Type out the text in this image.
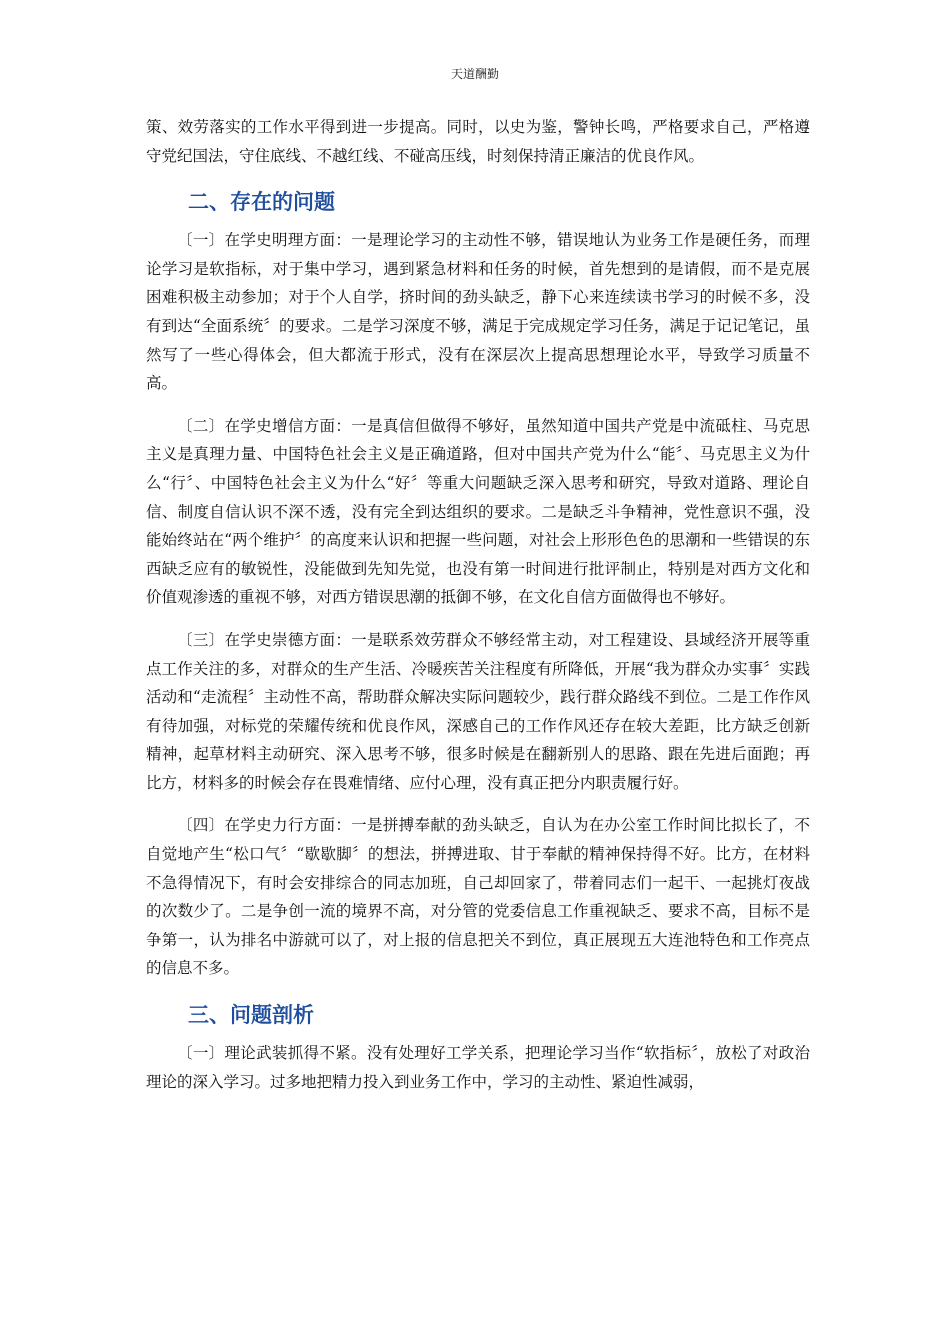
天道酬勤

策、效劳落实的工作水平得到进一步提高。同时，以史为鉴，警钟长鸣，严格要求自己，严格遵守党纪国法，守住底线、不越红线、不碰高压线，时刻保持清正廉洁的优良作风。

二、存在的问题

〔一〕在学史明理方面：一是理论学习的主动性不够，错误地认为业务工作是硬任务，而理论学习是软指标，对于集中学习，遇到紧急材料和任务的时候，首先想到的是请假，而不是克展困难积极主动参加；对于个人自学，挤时间的劲头缺乏，静下心来连续读书学习的时候不多，没有到达“全面系统〞的要求。二是学习深度不够，满足于完成规定学习任务，满足于记记笔记，虽然写了一些心得体会，但大都流于形式，没有在深层次上提高思想理论水平，导致学习质量不高。

〔二〕在学史增信方面：一是真信但做得不够好，虽然知道中国共产党是中流砥柱、马克思主义是真理力量、中国特色社会主义是正确道路，但对中国共产党为什么“能〞、马克思主义为什么“行〞、中国特色社会主义为什么“好〞等重大问题缺乏深入思考和研究，导致对道路、理论自信、制度自信认识不深不透，没有完全到达组织的要求。二是缺乏斗争精神，党性意识不强，没能始终站在“两个维护〞的高度来认识和把握一些问题，对社会上形形色色的思潮和一些错误的东西缺乏应有的敏锐性，没能做到先知先觉，也没有第一时间进行批评制止，特别是对西方文化和价值观渗透的重视不够，对西方错误思潮的抵御不够，在文化自信方面做得也不够好。

〔三〕在学史崇德方面：一是联系效劳群众不够经常主动，对工程建设、县域经济开展等重点工作关注的多，对群众的生产生活、冷暖疾苦关注程度有所降低，开展“我为群众办实事〞实践活动和“走流程〞主动性不高，帮助群众解决实际问题较少，践行群众路线不到位。二是工作作风有待加强，对标党的荣耀传统和优良作风，深感自己的工作作风还存在较大差距，比方缺乏创新精神，起草材料主动研究、深入思考不够，很多时候是在翻新别人的思路、跟在先进后面跑；再比方，材料多的时候会存在畏难情绪、应付心理，没有真正把分内职责履行好。

〔四〕在学史力行方面：一是拼搏奉献的劲头缺乏，自认为在办公室工作时间比拟长了，不自觉地产生“松口气〞“歇歇脚〞的想法，拼搏进取、甘于奉献的精神保持得不好。比方，在材料不急得情况下，有时会安排综合的同志加班，自己却回家了，带着同志们一起干、一起挑灯夜战的次数少了。二是争创一流的境界不高，对分管的党委信息工作重视缺乏、要求不高，目标不是争第一，认为排名中游就可以了，对上报的信息把关不到位，真正展现五大连池特色和工作亮点的信息不多。

三、问题剖析

〔一〕理论武装抓得不紧。没有处理好工学关系，把理论学习当作“软指标〞，放松了对政治理论的深入学习。过多地把精力投入到业务工作中，学习的主动性、紧迫性减弱，
